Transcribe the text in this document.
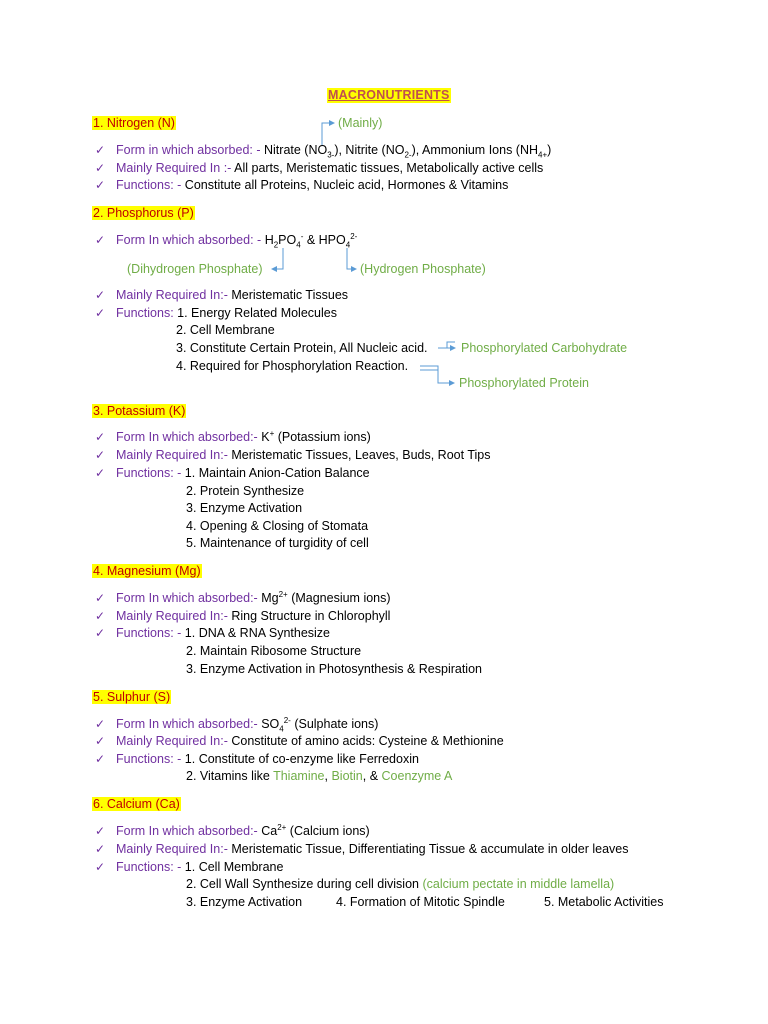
MACRONUTRIENTS
1. Nitrogen (N)	(Mainly)
✓ Form in which absorbed: - Nitrate $(NO_{3-})$, Nitrite $(NO_{2-})$, Ammonium Ions $(NH_{4+})$
✓ Mainly Required In :- All parts, Meristematic tissues, Metabolically active cells
✓ Functions: - Constitute all Proteins, Nucleic acid, Hormones & Vitamins
2. Phosphorus (P)
✓ Form In which absorbed: - $H_2PO_4^-$ & $HPO_4^{2-}$
(Dihydrogen Phosphate)	(Hydrogen Phosphate)
✓ Mainly Required In:- Meristematic Tissues
✓ Functions: 1. Energy Related Molecules
2. Cell Membrane
3. Constitute Certain Protein, All Nucleic acid.
4. Required for Phosphorylation Reaction.
Phosphorylated Carbohydrate
Phosphorylated Protein
3. Potassium (K)
✓ Form In which absorbed:- K+ (Potassium ions)
✓ Mainly Required In:- Meristematic Tissues, Leaves, Buds, Root Tips
✓ Functions: - 1. Maintain Anion-Cation Balance
2. Protein Synthesize
3. Enzyme Activation
4. Opening & Closing of Stomata
5. Maintenance of turgidity of cell
4. Magnesium (Mg)
✓ Form In which absorbed:- $Mg^{2+}$ (Magnesium ions)
✓ Mainly Required In:- Ring Structure in Chlorophyll
✓ Functions: - 1. DNA & RNA Synthesize
2. Maintain Ribosome Structure
3. Enzyme Activation in Photosynthesis & Respiration
5. Sulphur (S)
✓ Form In which absorbed:- $SO_4^{2-}$ (Sulphate ions)
✓ Mainly Required In:- Constitute of amino acids: Cysteine & Methionine
✓ Functions: - 1. Constitute of co-enzyme like Ferredoxin
2. Vitamins like Thiamine, Biotin, & Coenzyme A
6. Calcium (Ca)
✓ Form In which absorbed:- $Ca^{2+}$ (Calcium ions)
✓ Mainly Required In:- Meristematic Tissue, Differentiating Tissue & accumulate in older leaves
✓ Functions: - 1. Cell Membrane
2. Cell Wall Synthesize during cell division (calcium pectate in middle lamella)
3. Enzyme Activation	4. Formation of Mitotic Spindle	5. Metabolic Activities
